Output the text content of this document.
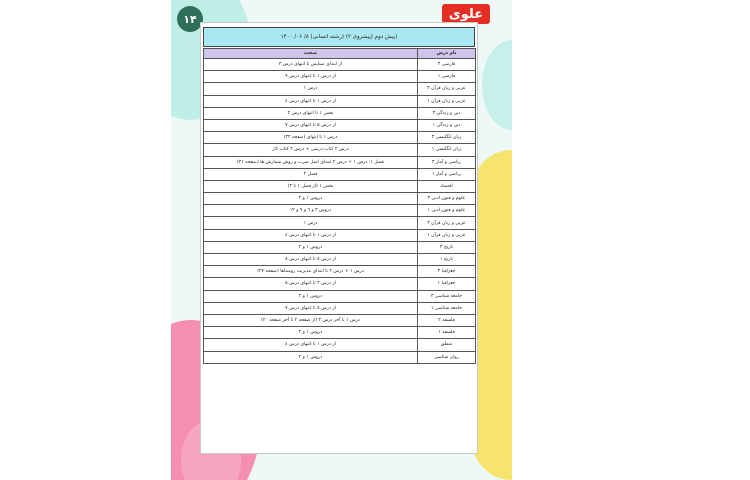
۱۴	علوی
(پیش دوم (پیشروی ۲) (رشته انسانی) ۸/ ۰۶/ ۱۴۰۰
نام درس	مبحث
فارسی ۳	از ابتدای ستایش تا انتهای درس ۳
فارسی ۱	از درس ۱ تا انتهای درس ۹
عربی و زبان قرآن ۳	درس ۱
عربی و زبان قرآن ۱	از درس ۱ تا انتهای درس ٤
دین و زندگی ۳	بخش ۱ تا انتهای درس ۲
دین و زندگی ۱	از درس ۵ تا انتهای درس ۷
زبان انگلیسی ۳	درس ۱ تا انتهای (صفحه ۳۲)
زبان انگلیسی ۱	درس ۲ کتاب درسی + درس ۲ کتاب کار
ریاضی و آمار ۳	فصل ۱: درس ۱ + درس ۲ ابتدای اصل ضرب و روش شمارش ها (صفحه ۲۱)
ریاضی و آمار ۱	فصل ۲
اقتصاد	بخش ۱ (از فصل ۱ تا ۳)
علوم و فنون ادبی ۳	دروس ۱ و ۲
علوم و فنون ادبی ۱	دروس ۳ و ٦ و ۹ و ۱۲
عربی و زبان قرآن ۳	درس ۱
عربی و زبان قرآن ۱	از درس ۱ تا انتهای درس ٤
تاریخ ۳	دروس ۱ و ۲
تاریخ ۱	از درس ٥ تا انتهای درس ۸
جغرافیا ۳	درس ۱ + درس ۲ تا ابتدای مدیریت روستاها (صفحه ۳۷)
جغرافیا ۱	از درس ۳ تا انتهای درس ۵
جامعه شناسی ۳	دروس ۱ و ۲
جامعه شناسی ۱	از درس ٥ تا انتهای درس ۷
فلسفه ۲	درس ۱ تا آخر درس ۳ (از صفحه ۲ تا آخر صفحه ۲۰)
فلسفه ۱	دروس ۱ و ۲
منطق	از درس ۱ تا انتهای درس ٤
روان شناسی	دروس ۱ و ۲
